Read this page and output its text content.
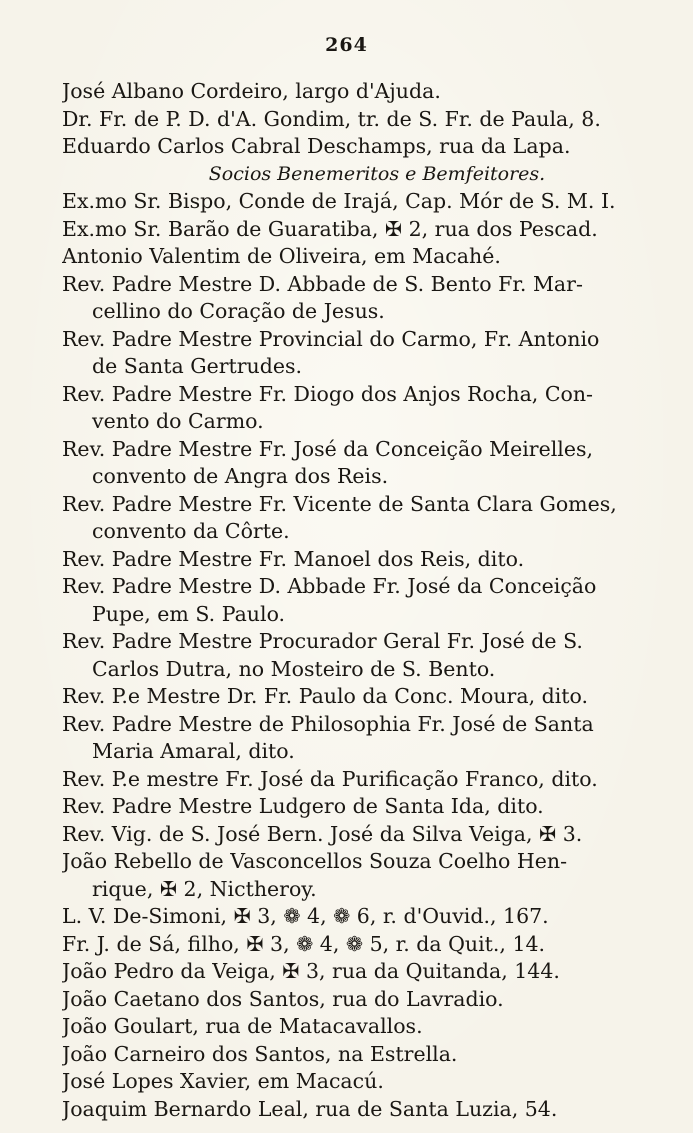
264
José Albano Cordeiro, largo d'Ajuda.
Dr. Fr. de P. D. d'A. Gondim, tr. de S. Fr. de Paula, 8.
Eduardo Carlos Cabral Deschamps, rua da Lapa.
Socios Benemeritos e Bemfeitores.
Ex.mo Sr. Bispo, Conde de Irajá, Cap. Mór de S. M. I.
Ex.mo Sr. Barão de Guaratiba, ✠ 2, rua dos Pescad.
Antonio Valentim de Oliveira, em Macahé.
Rev. Padre Mestre D. Abbade de S. Bento Fr. Mar-
cellino do Coração de Jesus.
Rev. Padre Mestre Provincial do Carmo, Fr. Antonio
de Santa Gertrudes.
Rev. Padre Mestre Fr. Diogo dos Anjos Rocha, Con-
vento do Carmo.
Rev. Padre Mestre Fr. José da Conceição Meirelles,
convento de Angra dos Reis.
Rev. Padre Mestre Fr. Vicente de Santa Clara Gomes,
convento da Côrte.
Rev. Padre Mestre Fr. Manoel dos Reis, dito.
Rev. Padre Mestre D. Abbade Fr. José da Conceição
Pupe, em S. Paulo.
Rev. Padre Mestre Procurador Geral Fr. José de S.
Carlos Dutra, no Mosteiro de S. Bento.
Rev. P.e Mestre Dr. Fr. Paulo da Conc. Moura, dito.
Rev. Padre Mestre de Philosophia Fr. José de Santa
Maria Amaral, dito.
Rev. P.e mestre Fr. José da Purificação Franco, dito.
Rev. Padre Mestre Ludgero de Santa Ida, dito.
Rev. Vig. de S. José Bern. José da Silva Veiga, ✠ 3.
João Rebello de Vasconcellos Souza Coelho Hen-
rique, ✠ 2, Nictheroy.
L. V. De-Simoni, ✠ 3, ❁ 4, ❁ 6, r. d'Ouvid., 167.
Fr. J. de Sá, filho, ✠ 3, ❁ 4, ❁ 5, r. da Quit., 14.
João Pedro da Veiga, ✠ 3, rua da Quitanda, 144.
João Caetano dos Santos, rua do Lavradio.
João Goulart, rua de Matacavallos.
João Carneiro dos Santos, na Estrella.
José Lopes Xavier, em Macacú.
Joaquim Bernardo Leal, rua de Santa Luzia, 54.
